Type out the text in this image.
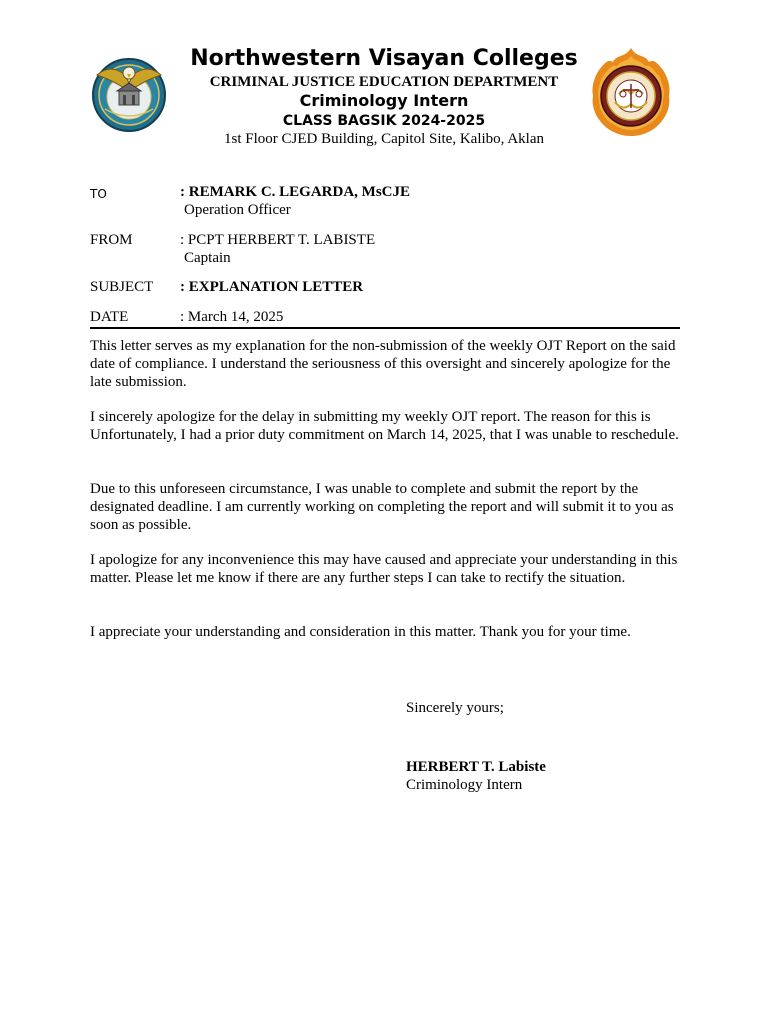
Northwestern Visayan Colleges
CRIMINAL JUSTICE EDUCATION DEPARTMENT
Criminology Intern
CLASS BAGSIK 2024-2025
1st Floor CJED Building, Capitol Site, Kalibo, Aklan
TO	: REMARK C. LEGARDA, MsCJE
Operation Officer
FROM	: PCPT HERBERT T. LABISTE
Captain
SUBJECT : EXPLANATION LETTER
DATE	: March 14, 2025

This letter serves as my explanation for the non-submission of the weekly OJT Report on the said date of compliance. I understand the seriousness of this oversight and sincerely apologize for the late submission.

I sincerely apologize for the delay in submitting my weekly OJT report. The reason for this is Unfortunately, I had a prior duty commitment on March 14, 2025, that I was unable to reschedule.

Due to this unforeseen circumstance, I was unable to complete and submit the report by the designated deadline. I am currently working on completing the report and will submit it to you as soon as possible.

I apologize for any inconvenience this may have caused and appreciate your understanding in this matter. Please let me know if there are any further steps I can take to rectify the situation.

I appreciate your understanding and consideration in this matter. Thank you for your time.

Sincerely yours;
HERBERT T. Labiste
Criminology Intern
